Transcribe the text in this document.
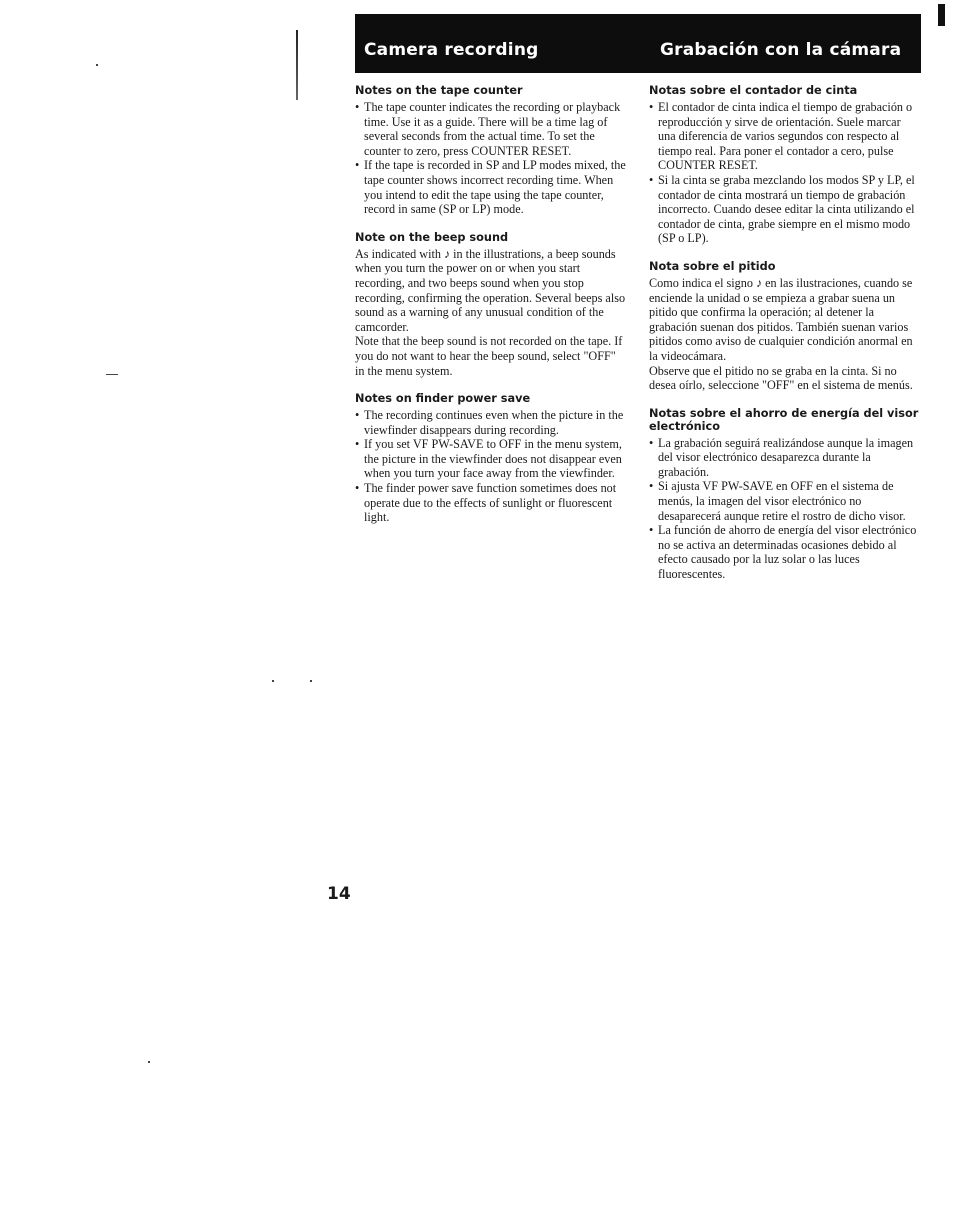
Camera recording	Grabación con la cámara
Notes on the tape counter
• The tape counter indicates the recording or playback time. Use it as a guide. There will be a time lag of several seconds from the actual time. To set the counter to zero, press COUNTER RESET.
• If the tape is recorded in SP and LP modes mixed, the tape counter shows incorrect recording time. When you intend to edit the tape using the tape counter, record in same (SP or LP) mode.
Note on the beep sound

As indicated with ♪ in the illustrations, a beep sounds when you turn the power on or when you start recording, and two beeps sound when you stop recording, confirming the operation. Several beeps also sound as a warning of any unusual condition of the camcorder.

Note that the beep sound is not recorded on the tape. If you do not want to hear the beep sound, select "OFF" in the menu system.

Notes on finder power save
• The recording continues even when the picture in the viewfinder disappears during recording.
• If you set VF PW-SAVE to OFF in the menu system, the picture in the viewfinder does not disappear even when you turn your face away from the viewfinder.
• The finder power save function sometimes does not operate due to the effects of sunlight or fluorescent light.
Notas sobre el contador de cinta
• El contador de cinta indica el tiempo de grabación o reproducción y sirve de orientación. Suele marcar una diferencia de varios segundos con respecto al tiempo real. Para poner el contador a cero, pulse COUNTER RESET.
• Si la cinta se graba mezclando los modos SP y LP, el contador de cinta mostrará un tiempo de grabación incorrecto. Cuando desee editar la cinta utilizando el contador de cinta, grabe siempre en el mismo modo (SP o LP).
Nota sobre el pitido

Como indica el signo ♪ en las ilustraciones, cuando se enciende la unidad o se empieza a grabar suena un pitido que confirma la operación; al detener la grabación suenan dos pitidos. También suenan varios pitidos como aviso de cualquier condición anormal en la videocámara.

Observe que el pitido no se graba en la cinta. Si no desea oírlo, seleccione "OFF" en el sistema de menús.

Notas sobre el ahorro de energía del visor electrónico
• La grabación seguirá realizándose aunque la imagen del visor electrónico desaparezca durante la grabación.
• Si ajusta VF PW-SAVE en OFF en el sistema de menús, la imagen del visor electrónico no desaparecerá aunque retire el rostro de dicho visor.
• La función de ahorro de energía del visor electrónico no se activa an determinadas ocasiones debido al efecto causado por la luz solar o las luces fluorescentes.
14
